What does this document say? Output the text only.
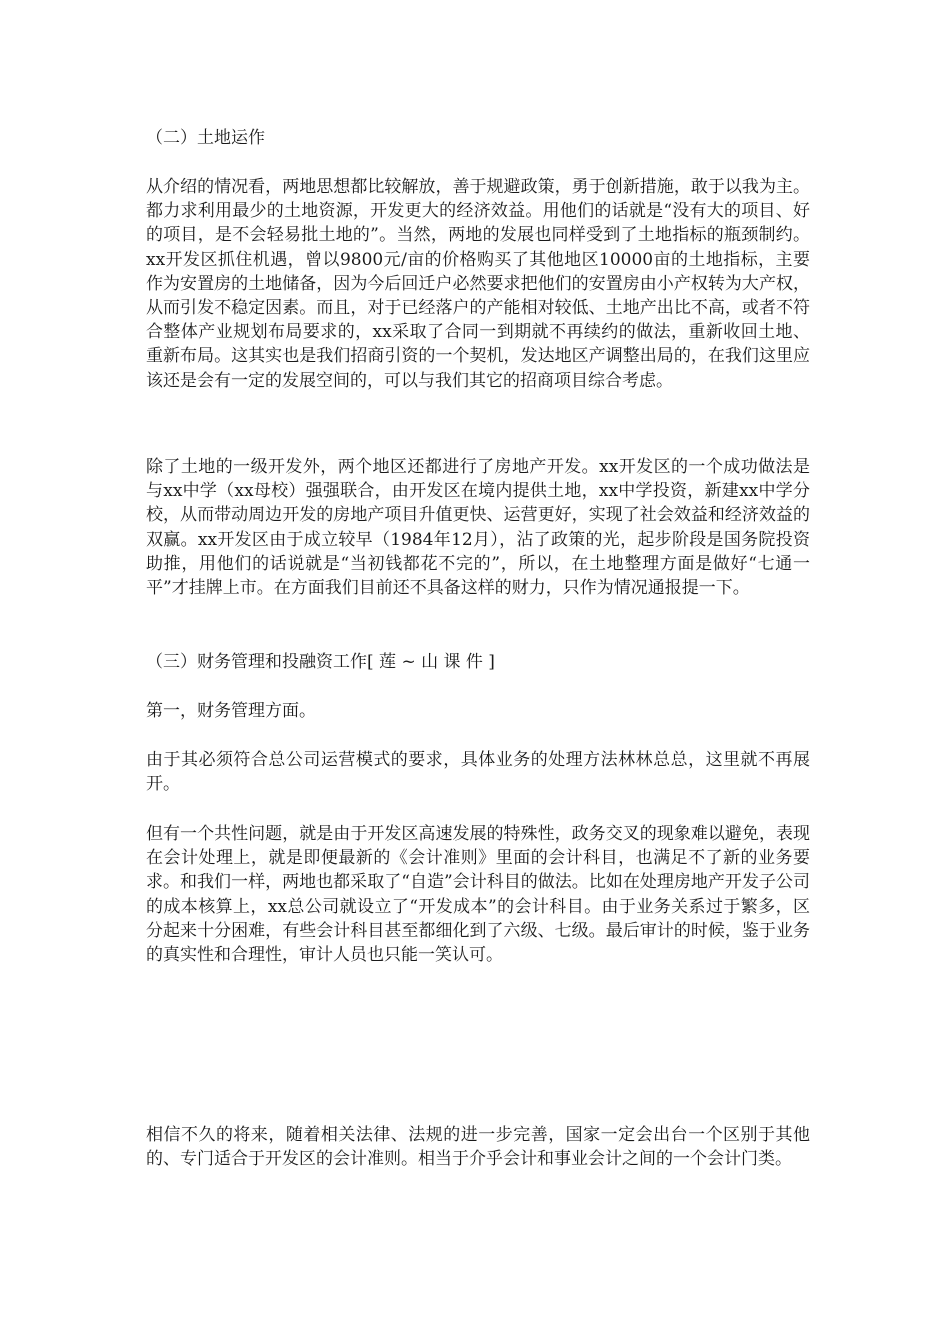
（二）土地运作

从介绍的情况看，两地思想都比较解放，善于规避政策，勇于创新措施，敢于以我为主。都力求利用最少的土地资源，开发更大的经济效益。用他们的话就是“没有大的项目、好的项目，是不会轻易批土地的”。当然，两地的发展也同样受到了土地指标的瓶颈制约。xx开发区抓住机遇，曾以9800元/亩的价格购买了其他地区10000亩的土地指标，主要作为安置房的土地储备，因为今后回迁户必然要求把他们的安置房由小产权转为大产权，从而引发不稳定因素。而且，对于已经落户的产能相对较低、土地产出比不高，或者不符合整体产业规划布局要求的，xx采取了合同一到期就不再续约的做法，重新收回土地、重新布局。这其实也是我们招商引资的一个契机，发达地区产调整出局的，在我们这里应该还是会有一定的发展空间的，可以与我们其它的招商项目综合考虑。

除了土地的一级开发外，两个地区还都进行了房地产开发。xx开发区的一个成功做法是与xx中学（xx母校）强强联合，由开发区在境内提供土地，xx中学投资，新建xx中学分校，从而带动周边开发的房地产项目升值更快、运营更好，实现了社会效益和经济效益的双赢。xx开发区由于成立较早（1984年12月），沾了政策的光，起步阶段是国务院投资助推，用他们的话说就是“当初钱都花不完的”，所以，在土地整理方面是做好“七通一平”才挂牌上市。在方面我们目前还不具备这样的财力，只作为情况通报提一下。

（三）财务管理和投融资工作[ 莲 ~ 山 课 件 ]

第一，财务管理方面。

由于其必须符合总公司运营模式的要求，具体业务的处理方法林林总总，这里就不再展开。

但有一个共性问题，就是由于开发区高速发展的特殊性，政务交叉的现象难以避免，表现在会计处理上，就是即便最新的《会计准则》里面的会计科目，也满足不了新的业务要求。和我们一样，两地也都采取了“自造”会计科目的做法。比如在处理房地产开发子公司的成本核算上，xx总公司就设立了“开发成本”的会计科目。由于业务关系过于繁多，区分起来十分困难，有些会计科目甚至都细化到了六级、七级。最后审计的时候，鉴于业务的真实性和合理性，审计人员也只能一笑认可。

相信不久的将来，随着相关法律、法规的进一步完善，国家一定会出台一个区别于其他的、专门适合于开发区的会计准则。相当于介乎会计和事业会计之间的一个会计门类。
